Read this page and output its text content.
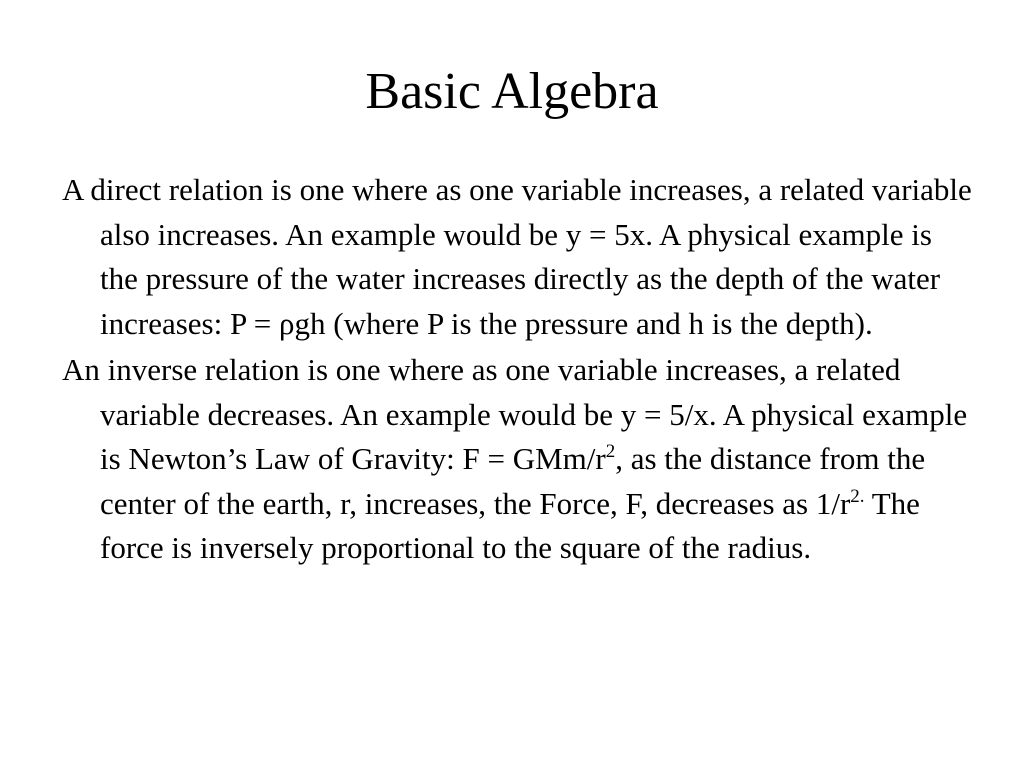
Basic Algebra
A direct relation is one where as one variable increases, a related variable also increases. An example would be y = 5x. A physical example is the pressure of the water increases directly as the depth of the water increases: P = ρgh (where P is the pressure and h is the depth).
An inverse relation is one where as one variable increases, a related variable decreases. An example would be y = 5/x. A physical example is Newton’s Law of Gravity: F = GMm/$r^2$, as the distance from the center of the earth, r, increases, the Force, F, decreases as $1/r^{2.}$ The force is inversely proportional to the square of the radius.
